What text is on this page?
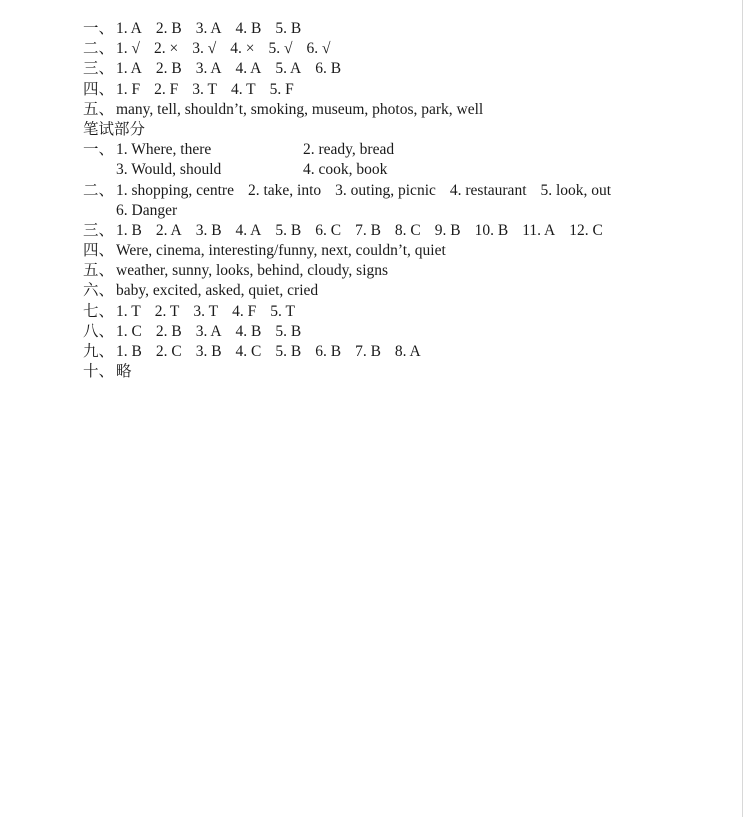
一、 1. A 2. B 3. A 4. B 5. B
二、 1. √ 2. × 3. √ 4. × 5. √ 6. √
三、 1. A 2. B 3. A 4. A 5. A 6. B
四、 1. F 2. F 3. T 4. T 5. F
五、 many, tell, shouldn’t, smoking, museum, photos, park, well
笔试部分
一、 1. Where, there	2. ready, bread
3. Would, should	4. cook, book
二、 1. shopping, centre 2. take, into 3. outing, picnic 4. restaurant 5. look, out
6. Danger
三、 1. B 2. A 3. B 4. A 5. B 6. C 7. B 8. C 9. B 10. B 11. A 12. C
四、 Were, cinema, interesting/funny, next, couldn’t, quiet
五、 weather, sunny, looks, behind, cloudy, signs
六、 baby, excited, asked, quiet, cried
七、 1. T 2. T 3. T 4. F 5. T
八、 1. C 2. B 3. A 4. B 5. B
九、 1. B 2. C 3. B 4. C 5. B 6. B 7. B 8. A
十、 略
